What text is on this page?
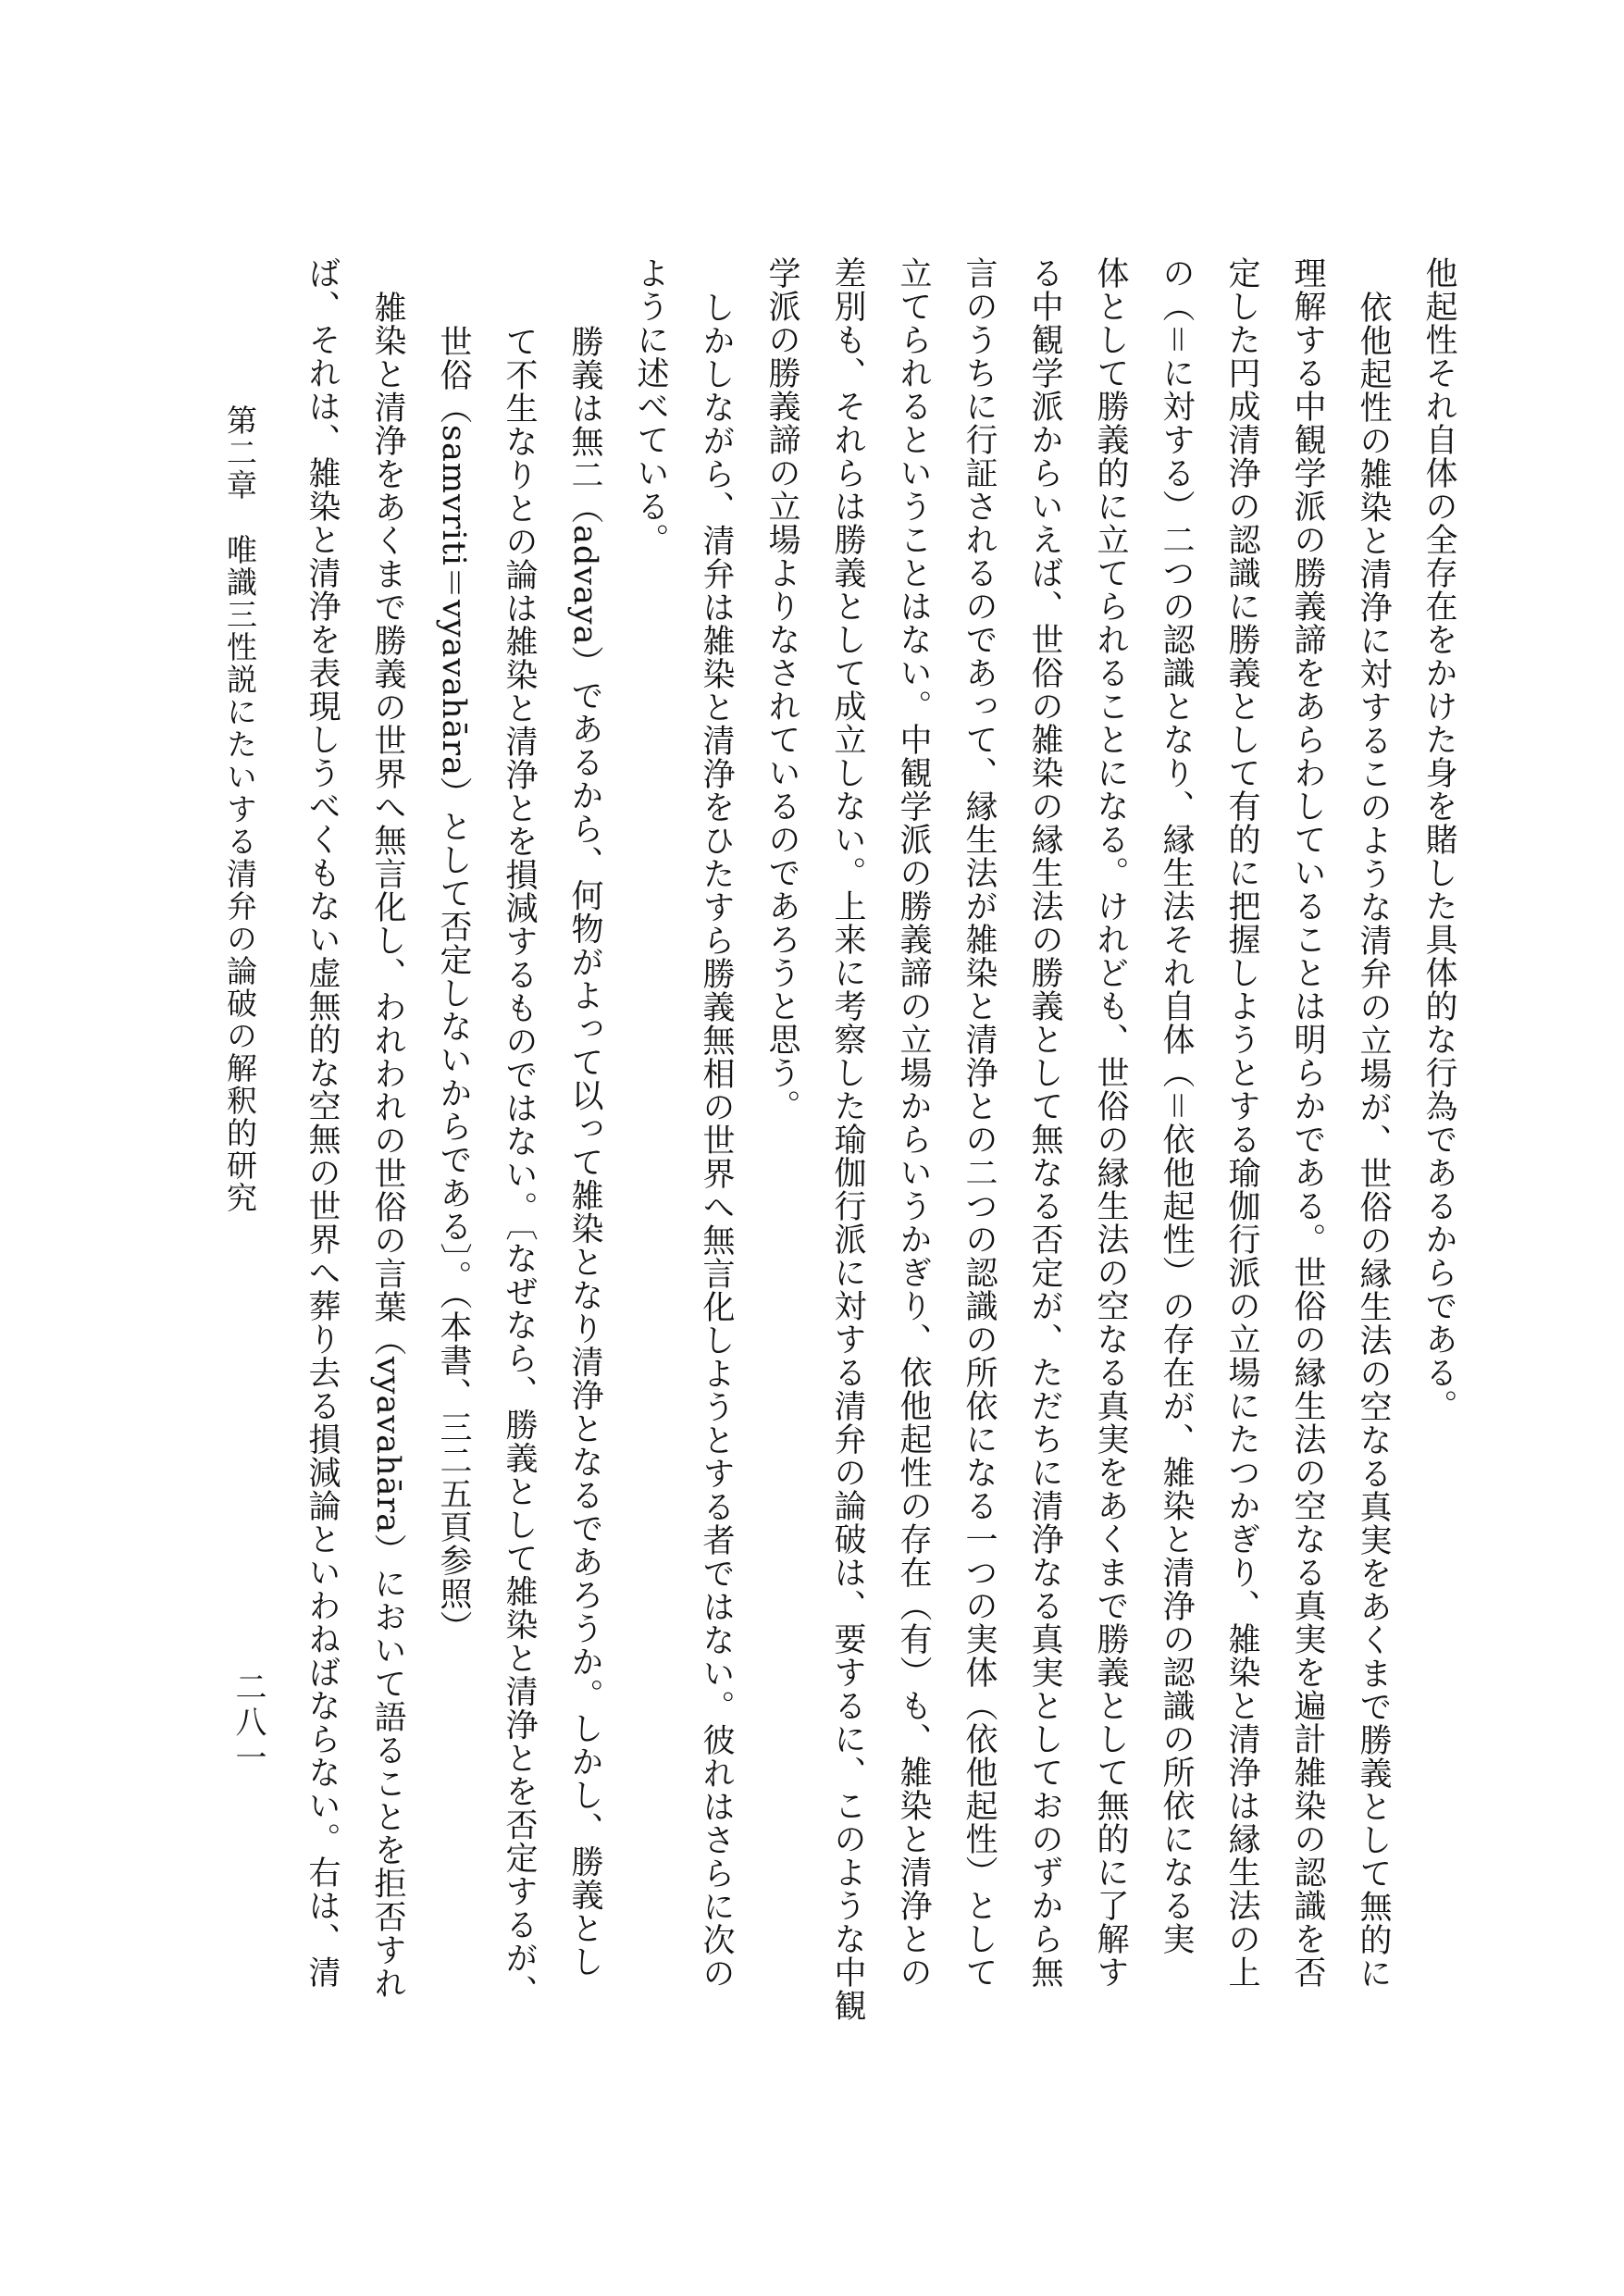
他起性それ自体の全存在をかけた身を賭した具体的な行為であるからである。
依他起性の雑染と清浄に対するこのような清弁の立場が、世俗の縁生法の空なる真実をあくまで勝義として無的に
理解する中観学派の勝義諦をあらわしていることは明らかである。世俗の縁生法の空なる真実を遍計雑染の認識を否
定した円成清浄の認識に勝義として有的に把握しようとする瑜伽行派の立場にたつかぎり、雑染と清浄は縁生法の上
の（＝に対する）二つの認識となり、縁生法それ自体（＝依他起性）の存在が、雑染と清浄の認識の所依になる実
体として勝義的に立てられることになる。けれども、世俗の縁生法の空なる真実をあくまで勝義として無的に了解す
る中観学派からいえば、世俗の雑染の縁生法の勝義として無なる否定が、ただちに清浄なる真実としておのずから無
言のうちに行証されるのであって、縁生法が雑染と清浄との二つの認識の所依になる一つの実体（依他起性）として
立てられるということはない。中観学派の勝義諦の立場からいうかぎり、依他起性の存在（有）も、雑染と清浄との
差別も、それらは勝義として成立しない。上来に考察した瑜伽行派に対する清弁の論破は、要するに、このような中観
学派の勝義諦の立場よりなされているのであろうと思う。
しかしながら、清弁は雑染と清浄をひたすら勝義無相の世界へ無言化しようとする者ではない。彼れはさらに次の
ように述べている。
勝義は無二（advaya）であるから、何物がよって以って雑染となり清浄となるであろうか。しかし、勝義とし
て不生なりとの論は雑染と清浄とを損減するものではない。〔なぜなら、勝義として雑染と清浄とを否定するが、
世俗（samvriti＝vyavahāra）として否定しないからである〕。（本書、三二五頁参照）
雑染と清浄をあくまで勝義の世界へ無言化し、われわれの世俗の言葉（vyavahāra）において語ることを拒否すれ
ば、それは、雑染と清浄を表現しうべくもない虚無的な空無の世界へ葬り去る損減論といわねばならない。右は、清
第二章　唯識三性説にたいする清弁の論破の解釈的研究
二八一
